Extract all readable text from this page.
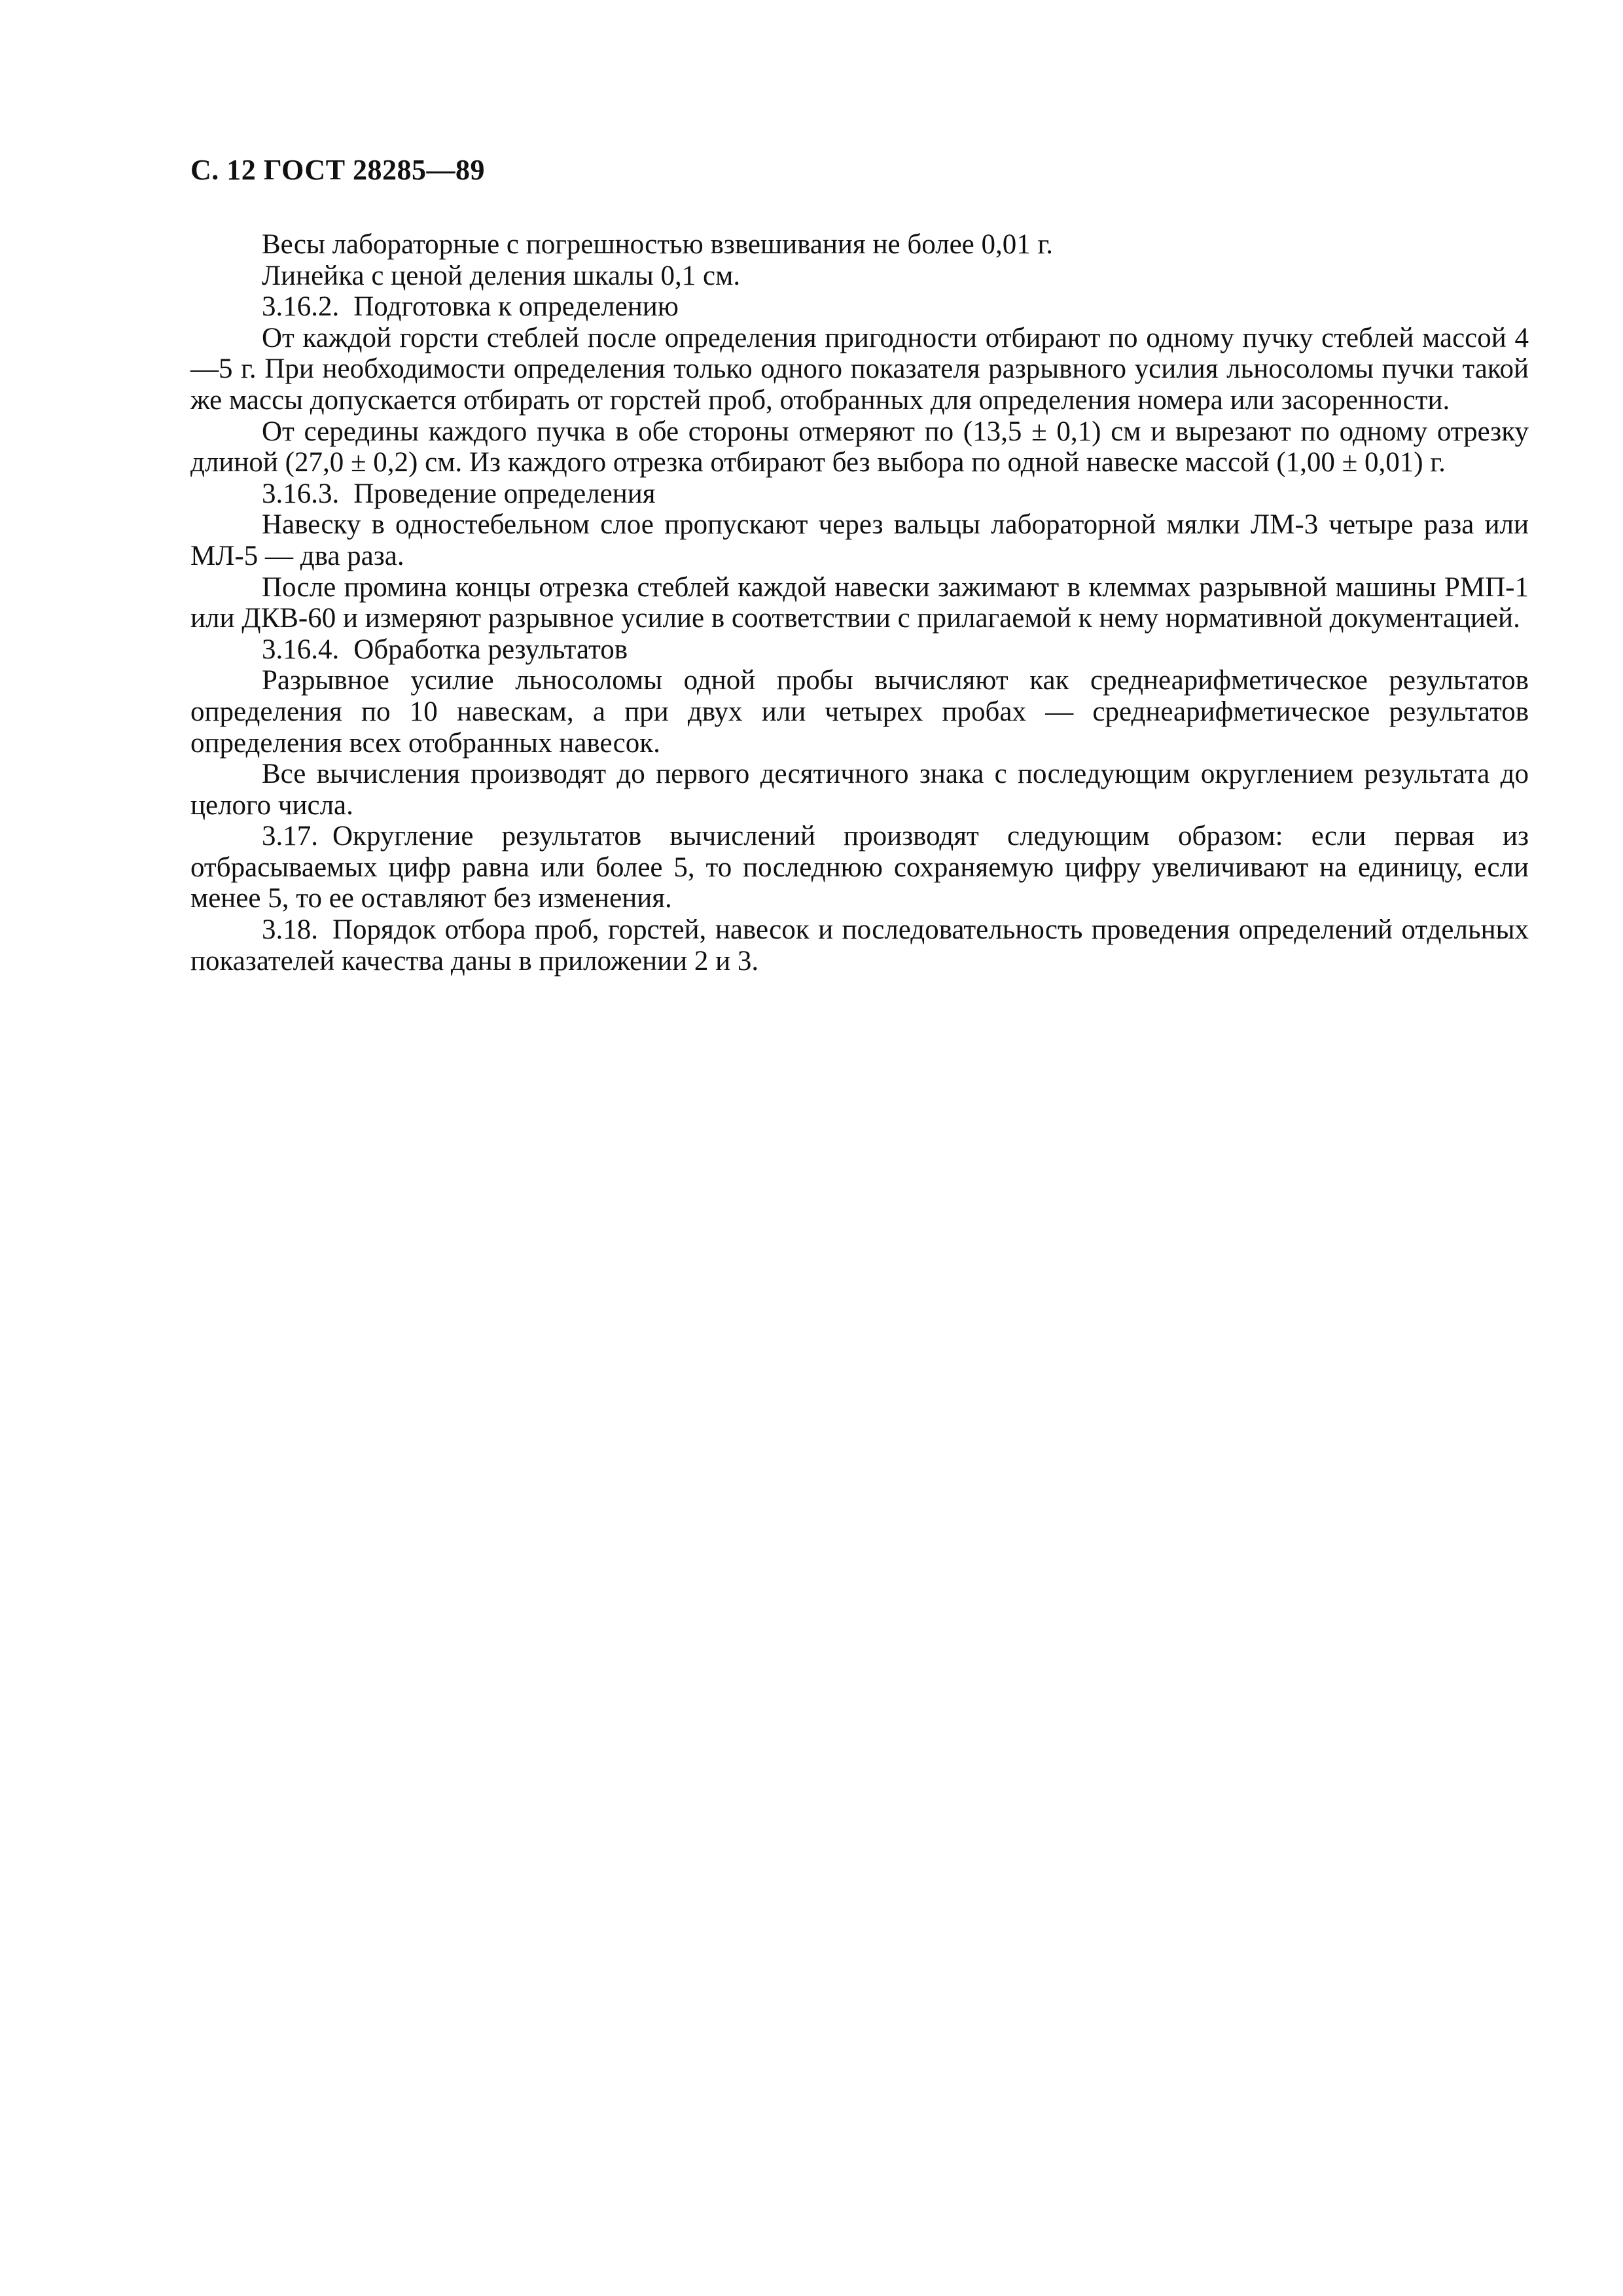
С. 12 ГОСТ 28285—89

Весы лабораторные с погрешностью взвешивания не более 0,01 г.

Линейка с ценой деления шкалы 0,1 см.

3.16.2. Подготовка к определению

От каждой горсти стеблей после определения пригодности отбирают по одному пучку стеблей массой 4—5 г. При необходимости определения только одного показателя разрывного усилия льносоломы пучки такой же массы допускается отбирать от горстей проб, отобранных для определения номера или засоренности.

От середины каждого пучка в обе стороны отмеряют по (13,5 ± 0,1) см и вырезают по одному отрезку длиной (27,0 ± 0,2) см. Из каждого отрезка отбирают без выбора по одной навеске массой (1,00 ± 0,01) г.

3.16.3. Проведение определения

Навеску в одностебельном слое пропускают через вальцы лабораторной мялки ЛМ-3 четыре раза или МЛ-5 — два раза.

После промина концы отрезка стеблей каждой навески зажимают в клеммах разрывной машины РМП-1 или ДКВ-60 и измеряют разрывное усилие в соответствии с прилагаемой к нему нормативной документацией.

3.16.4. Обработка результатов

Разрывное усилие льносоломы одной пробы вычисляют как среднеарифметическое результатов определения по 10 навескам, а при двух или четырех пробах — среднеарифметическое результатов определения всех отобранных навесок.

Все вычисления производят до первого десятичного знака с последующим округлением результата до целого числа.

3.17. Округление результатов вычислений производят следующим образом: если первая из отбрасываемых цифр равна или более 5, то последнюю сохраняемую цифру увеличивают на единицу, если менее 5, то ее оставляют без изменения.

3.18. Порядок отбора проб, горстей, навесок и последовательность проведения определений отдельных показателей качества даны в приложении 2 и 3.
